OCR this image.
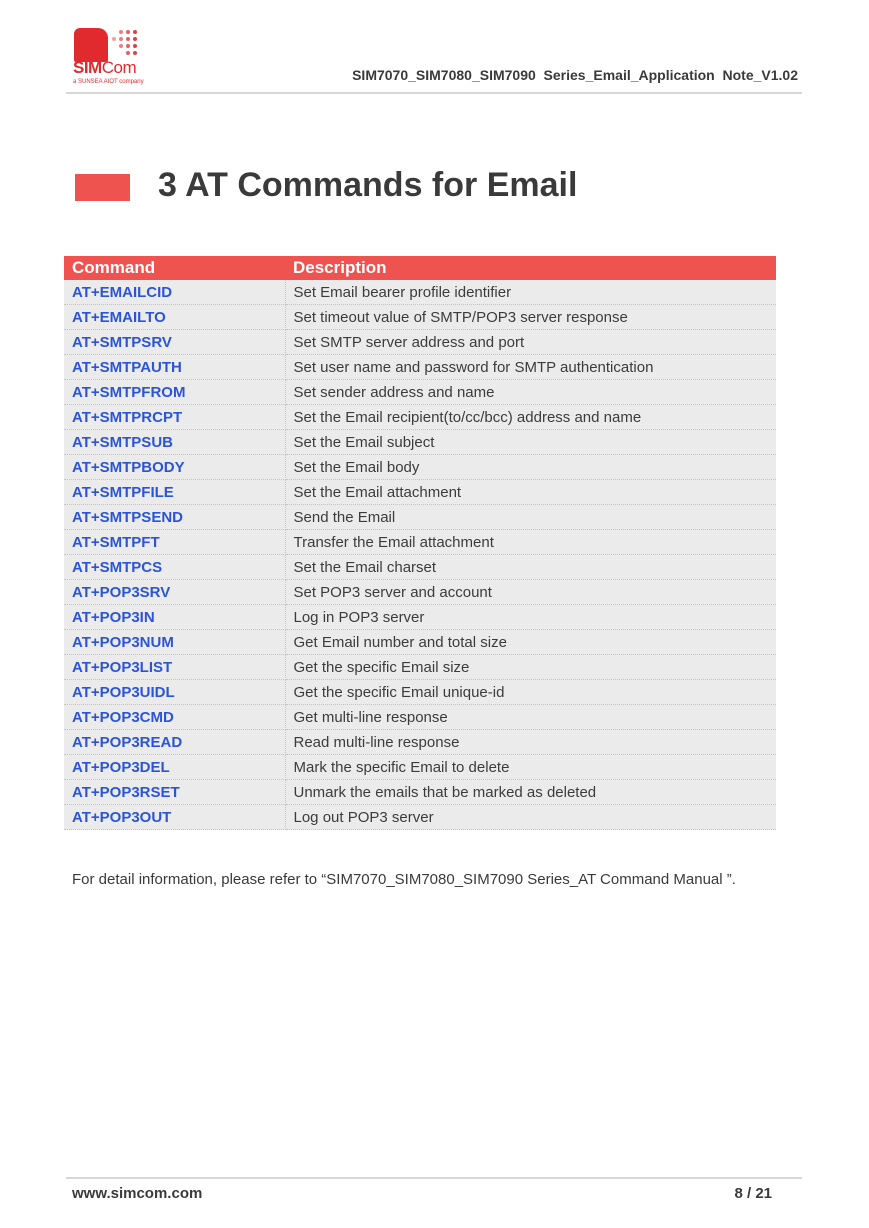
SIMCom
a SUNSEA AIOT company	SIM7070_SIM7080_SIM7090  Series_Email_Application  Note_V1.02
3 AT Commands for Email
Command	Description
AT+EMAILCID	Set Email bearer profile identifier
AT+EMAILTO	Set timeout value of SMTP/POP3 server response
AT+SMTPSRV	Set SMTP server address and port
AT+SMTPAUTH	Set user name and password for SMTP authentication
AT+SMTPFROM	Set sender address and name
AT+SMTPRCPT	Set the Email recipient(to/cc/bcc) address and name
AT+SMTPSUB	Set the Email subject
AT+SMTPBODY	Set the Email body
AT+SMTPFILE	Set the Email attachment
AT+SMTPSEND	Send the Email
AT+SMTPFT	Transfer the Email attachment
AT+SMTPCS	Set the Email charset
AT+POP3SRV	Set POP3 server and account
AT+POP3IN	Log in POP3 server
AT+POP3NUM	Get Email number and total size
AT+POP3LIST	Get the specific Email size
AT+POP3UIDL	Get the specific Email unique-id
AT+POP3CMD	Get multi-line response
AT+POP3READ	Read multi-line response
AT+POP3DEL	Mark the specific Email to delete
AT+POP3RSET	Unmark the emails that be marked as deleted
AT+POP3OUT	Log out POP3 server
For detail information, please refer to “SIM7070_SIM7080_SIM7090 Series_AT Command Manual ”.
www.simcom.com	8 / 21
